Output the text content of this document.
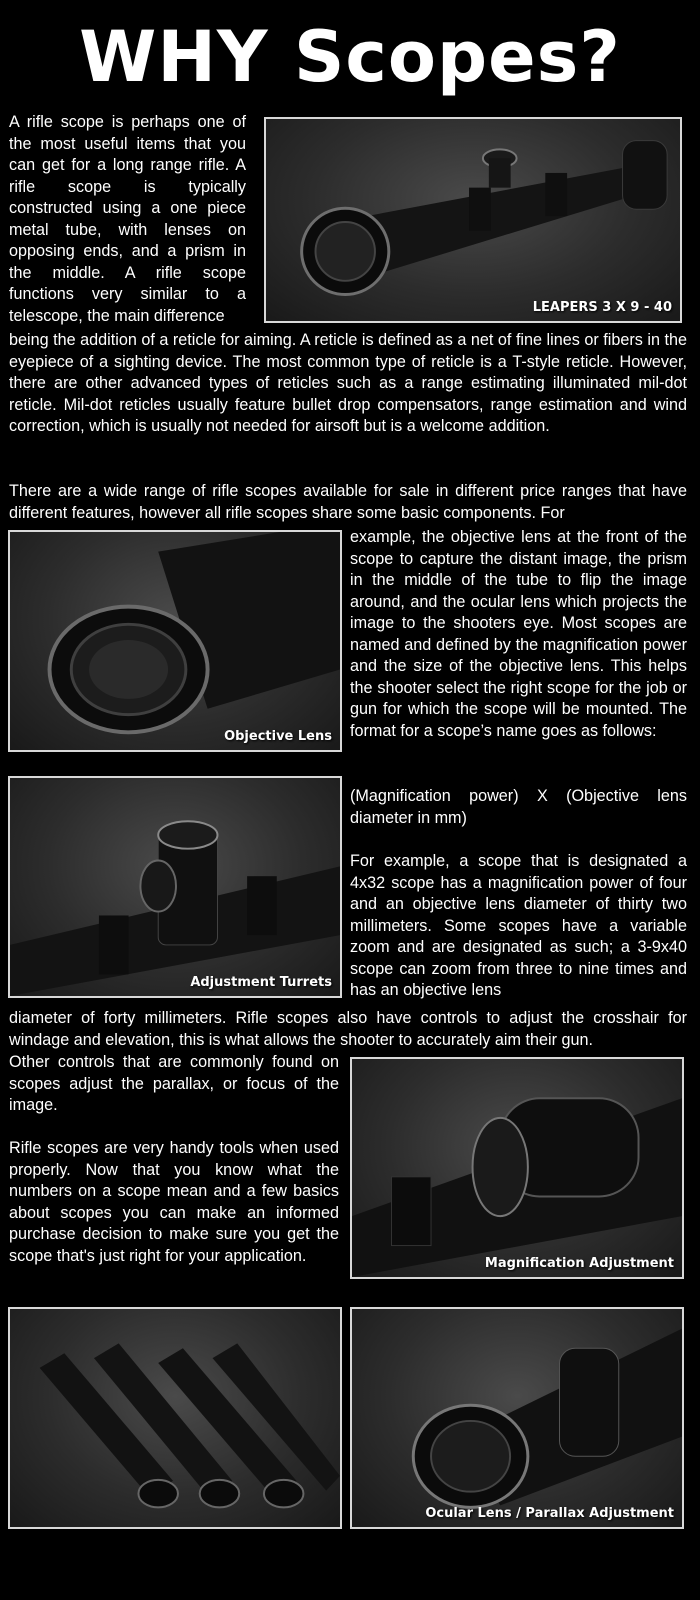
WHY Scopes?
LEAPERS 3 X 9 - 40

A rifle scope is perhaps one of the most useful items that you can get for a long range rifle. A rifle scope is typically constructed using a one piece metal tube, with lenses on opposing ends, and a prism in the middle. A rifle scope functions very similar to a telescope, the main difference

being the addition of a reticle for aiming. A reticle is defined as a net of fine lines or fibers in the eyepiece of a sighting device. The most common type of reticle is a T-style reticle. However, there are other advanced types of reticles such as a range estimating illuminated mil-dot reticle. Mil-dot reticles usually feature bullet drop compensators, range estimation and wind correction, which is usually not needed for airsoft but is a welcome addition.

There are a wide range of rifle scopes available for sale in different price ranges that have different features, however all rifle scopes share some basic components. For

Objective Lens

example, the objective lens at the front of the scope to capture the distant image, the prism in the middle of the tube to flip the image around, and the ocular lens which projects the image to the shooters eye. Most scopes are named and defined by the magnification power and the size of the objective lens. This helps the shooter select the right scope for the job or gun for which the scope will be mounted. The format for a scope’s name goes as follows:

(Magnification power) X (Objective lens diameter in mm)

Adjustment Turrets

For example, a scope that is designated a 4x32 scope has a magnification power of four and an objective lens diameter of thirty two millimeters. Some scopes have a variable zoom and are designated as such; a 3-9x40 scope can zoom from three to nine times and has an objective lens

diameter of forty millimeters. Rifle scopes also have controls to adjust the crosshair for windage and elevation, this is what allows the shooter to accurately aim their gun.

Other controls that are commonly found on scopes adjust the parallax, or focus of the image.

Magnification Adjustment

Rifle scopes are very handy tools when used properly. Now that you know what the numbers on a scope mean and a few basics about scopes you can make an informed purchase decision to make sure you get the scope that's just right for your application.

Ocular Lens / Parallax Adjustment
